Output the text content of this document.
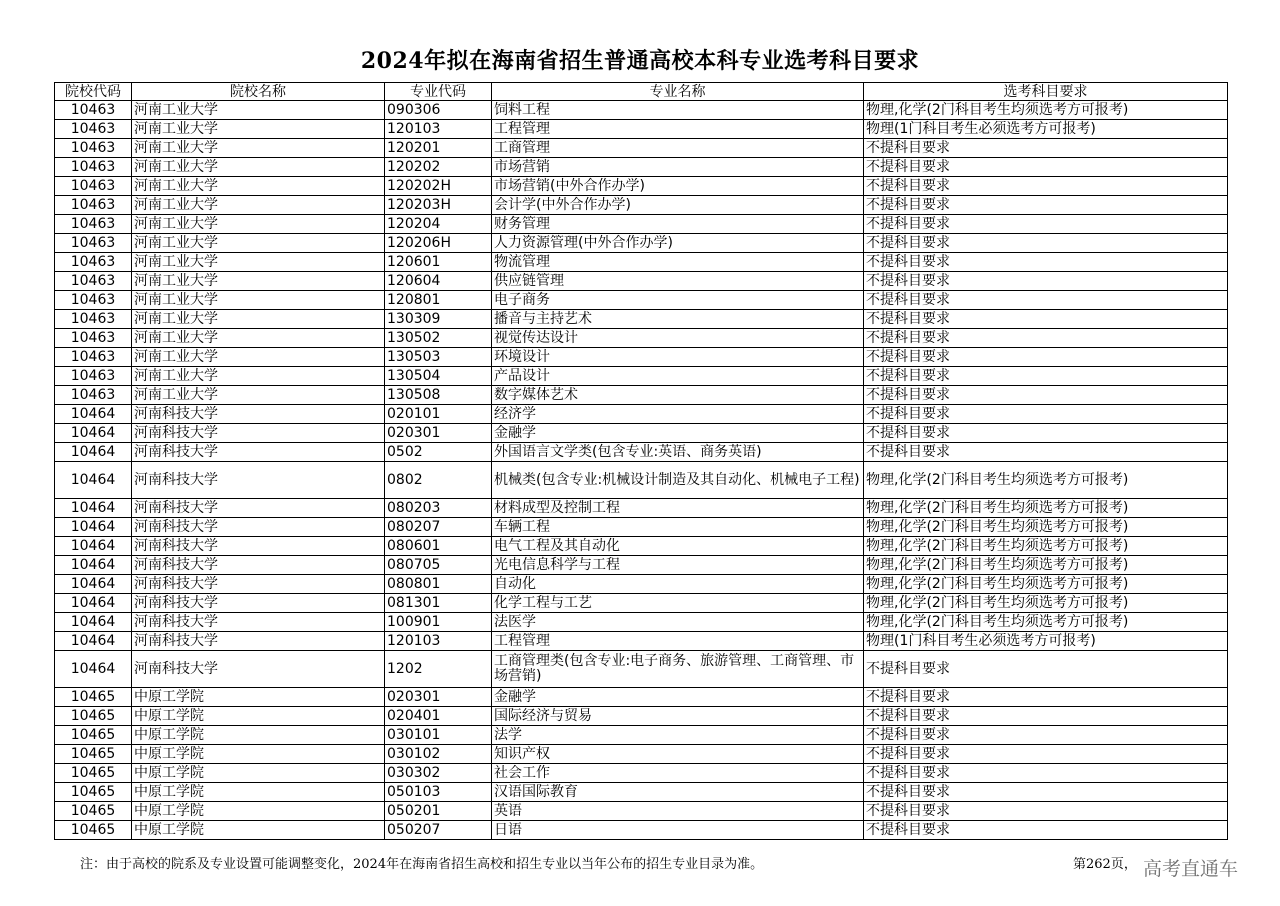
2024年拟在海南省招生普通高校本科专业选考科目要求
院校代码	院校名称	专业代码	专业名称	选考科目要求
10463	河南工业大学	090306	饲料工程	物理,化学(2门科目考生均须选考方可报考)
10463	河南工业大学	120103	工程管理	物理(1门科目考生必须选考方可报考)
10463	河南工业大学	120201	工商管理	不提科目要求
10463	河南工业大学	120202	市场营销	不提科目要求
10463	河南工业大学	120202H	市场营销(中外合作办学)	不提科目要求
10463	河南工业大学	120203H	会计学(中外合作办学)	不提科目要求
10463	河南工业大学	120204	财务管理	不提科目要求
10463	河南工业大学	120206H	人力资源管理(中外合作办学)	不提科目要求
10463	河南工业大学	120601	物流管理	不提科目要求
10463	河南工业大学	120604	供应链管理	不提科目要求
10463	河南工业大学	120801	电子商务	不提科目要求
10463	河南工业大学	130309	播音与主持艺术	不提科目要求
10463	河南工业大学	130502	视觉传达设计	不提科目要求
10463	河南工业大学	130503	环境设计	不提科目要求
10463	河南工业大学	130504	产品设计	不提科目要求
10463	河南工业大学	130508	数字媒体艺术	不提科目要求
10464	河南科技大学	020101	经济学	不提科目要求
10464	河南科技大学	020301	金融学	不提科目要求
10464	河南科技大学	0502	外国语言文学类(包含专业:英语、商务英语)	不提科目要求
10464	河南科技大学	0802	机械类(包含专业:机械设计制造及其自动化、机械电子工程)	物理,化学(2门科目考生均须选考方可报考)
10464	河南科技大学	080203	材料成型及控制工程	物理,化学(2门科目考生均须选考方可报考)
10464	河南科技大学	080207	车辆工程	物理,化学(2门科目考生均须选考方可报考)
10464	河南科技大学	080601	电气工程及其自动化	物理,化学(2门科目考生均须选考方可报考)
10464	河南科技大学	080705	光电信息科学与工程	物理,化学(2门科目考生均须选考方可报考)
10464	河南科技大学	080801	自动化	物理,化学(2门科目考生均须选考方可报考)
10464	河南科技大学	081301	化学工程与工艺	物理,化学(2门科目考生均须选考方可报考)
10464	河南科技大学	100901	法医学	物理,化学(2门科目考生均须选考方可报考)
10464	河南科技大学	120103	工程管理	物理(1门科目考生必须选考方可报考)
10464	河南科技大学	1202	工商管理类(包含专业:电子商务、旅游管理、工商管理、市场营销)	不提科目要求
10465	中原工学院	020301	金融学	不提科目要求
10465	中原工学院	020401	国际经济与贸易	不提科目要求
10465	中原工学院	030101	法学	不提科目要求
10465	中原工学院	030102	知识产权	不提科目要求
10465	中原工学院	030302	社会工作	不提科目要求
10465	中原工学院	050103	汉语国际教育	不提科目要求
10465	中原工学院	050201	英语	不提科目要求
10465	中原工学院	050207	日语	不提科目要求
注：由于高校的院系及专业设置可能调整变化，2024年在海南省招生高校和招生专业以当年公布的招生专业目录为准。	第262页， 高考直通车
